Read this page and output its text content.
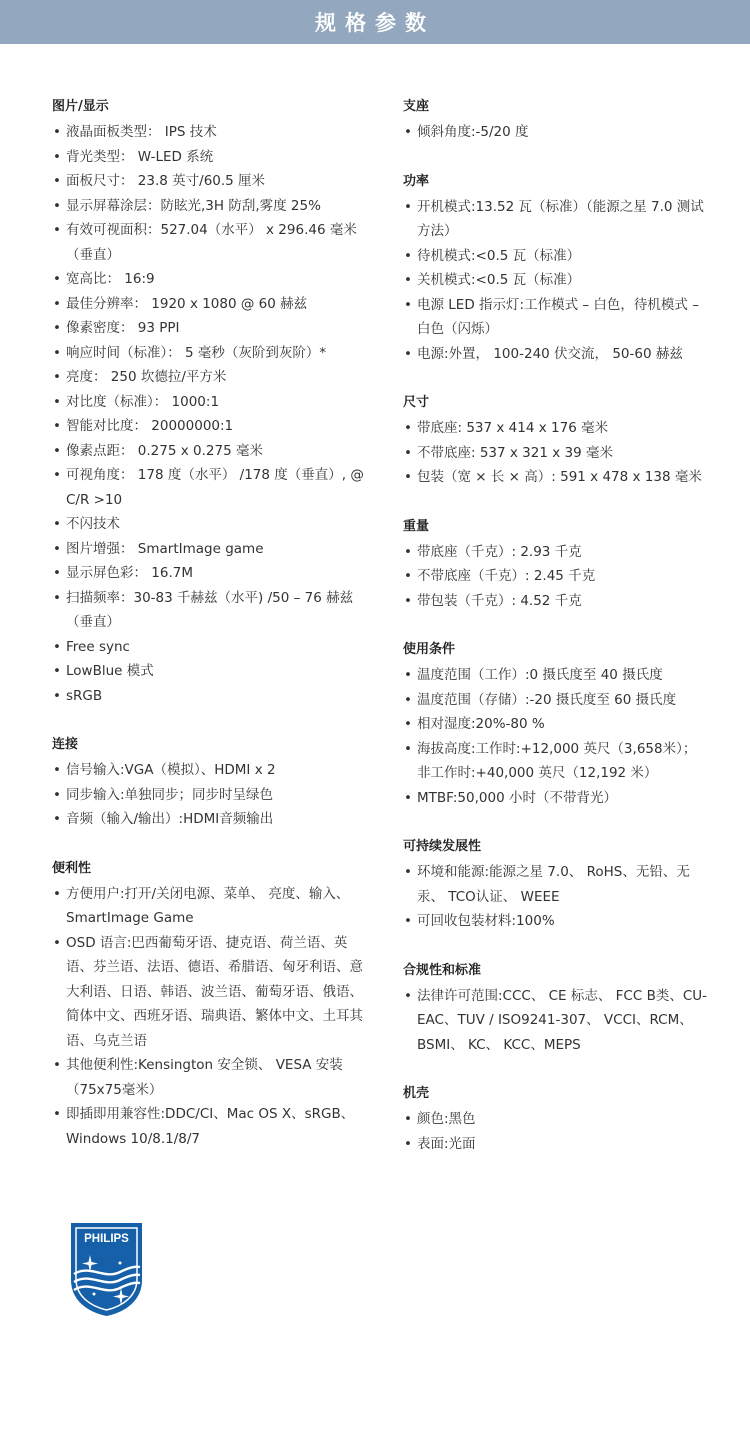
规格参数
图片/显示
• 液晶面板类型： IPS 技术
• 背光类型： W-LED 系统
• 面板尺寸： 23.8 英寸/60.5 厘米
• 显示屏幕涂层：防眩光,3H 防刮,雾度 25%
• 有效可视面积：527.04（水平） x 296.46 毫米（垂直）
• 宽高比： 16:9
• 最佳分辨率： 1920 x 1080 @ 60 赫兹
• 像素密度： 93 PPI
• 响应时间（标准）： 5 毫秒（灰阶到灰阶）*
• 亮度： 250 坎德拉/平方米
• 对比度（标准）： 1000:1
• 智能对比度： 20000000:1
• 像素点距： 0.275 x 0.275 毫米
• 可视角度： 178 度（水平） /178 度（垂直）, @ C/R >10
• 不闪技术
• 图片增强： SmartImage game
• 显示屏色彩： 16.7M
• 扫描频率：30-83 千赫兹（水平) /50 – 76 赫兹（垂直）
• Free sync
• LowBlue 模式
• sRGB
连接
• 信号输入:VGA（模拟）、HDMI x 2
• 同步输入:单独同步；同步时呈绿色
• 音频（输入/输出）:HDMI音频输出
便利性
• 方便用户:打开/关闭电源、菜单、 亮度、输入、SmartImage Game
• OSD 语言:巴西葡萄牙语、捷克语、荷兰语、英语、芬兰语、法语、德语、希腊语、匈牙利语、意大利语、日语、韩语、波兰语、葡萄牙语、俄语、简体中文、西班牙语、瑞典语、繁体中文、土耳其语、乌克兰语
• 其他便利性:Kensington 安全锁、 VESA 安装（75x75毫米）
• 即插即用兼容性:DDC/CI、Mac OS X、sRGB、Windows 10/8.1/8/7
支座
• 倾斜角度:-5/20 度
功率
• 开机模式:13.52 瓦（标准）（能源之星 7.0 测试方法）
• 待机模式:<0.5 瓦（标准）
• 关机模式:<0.5 瓦（标准）
• 电源 LED 指示灯:工作模式 – 白色，待机模式 – 白色（闪烁）
• 电源:外置， 100-240 伏交流， 50-60 赫兹
尺寸
• 带底座: 537 x 414 x 176 毫米
• 不带底座: 537 x 321 x 39 毫米
• 包装（宽 × 长 × 高）: 591 x 478 x 138 毫米
重量
• 带底座（千克）: 2.93 千克
• 不带底座（千克）: 2.45 千克
• 带包装（千克）: 4.52 千克
使用条件
• 温度范围（工作）:0 摄氏度至 40 摄氏度
• 温度范围（存储）:-20 摄氏度至 60 摄氏度
• 相对湿度:20%-80 %
• 海拔高度:工作时:+12,000 英尺（3,658米）；非工作时:+40,000 英尺（12,192 米）
• MTBF:50,000 小时（不带背光）
可持续发展性
• 环境和能源:能源之星 7.0、 RoHS、无铅、无汞、 TCO认证、 WEEE
• 可回收包装材料:100%
合规性和标准
• 法律许可范围:CCC、 CE 标志、 FCC B类、CU-EAC、TUV / ISO9241-307、 VCCI、RCM、 BSMI、 KC、 KCC、MEPS
机壳
• 颜色:黑色
• 表面:光面
PHILIPS
